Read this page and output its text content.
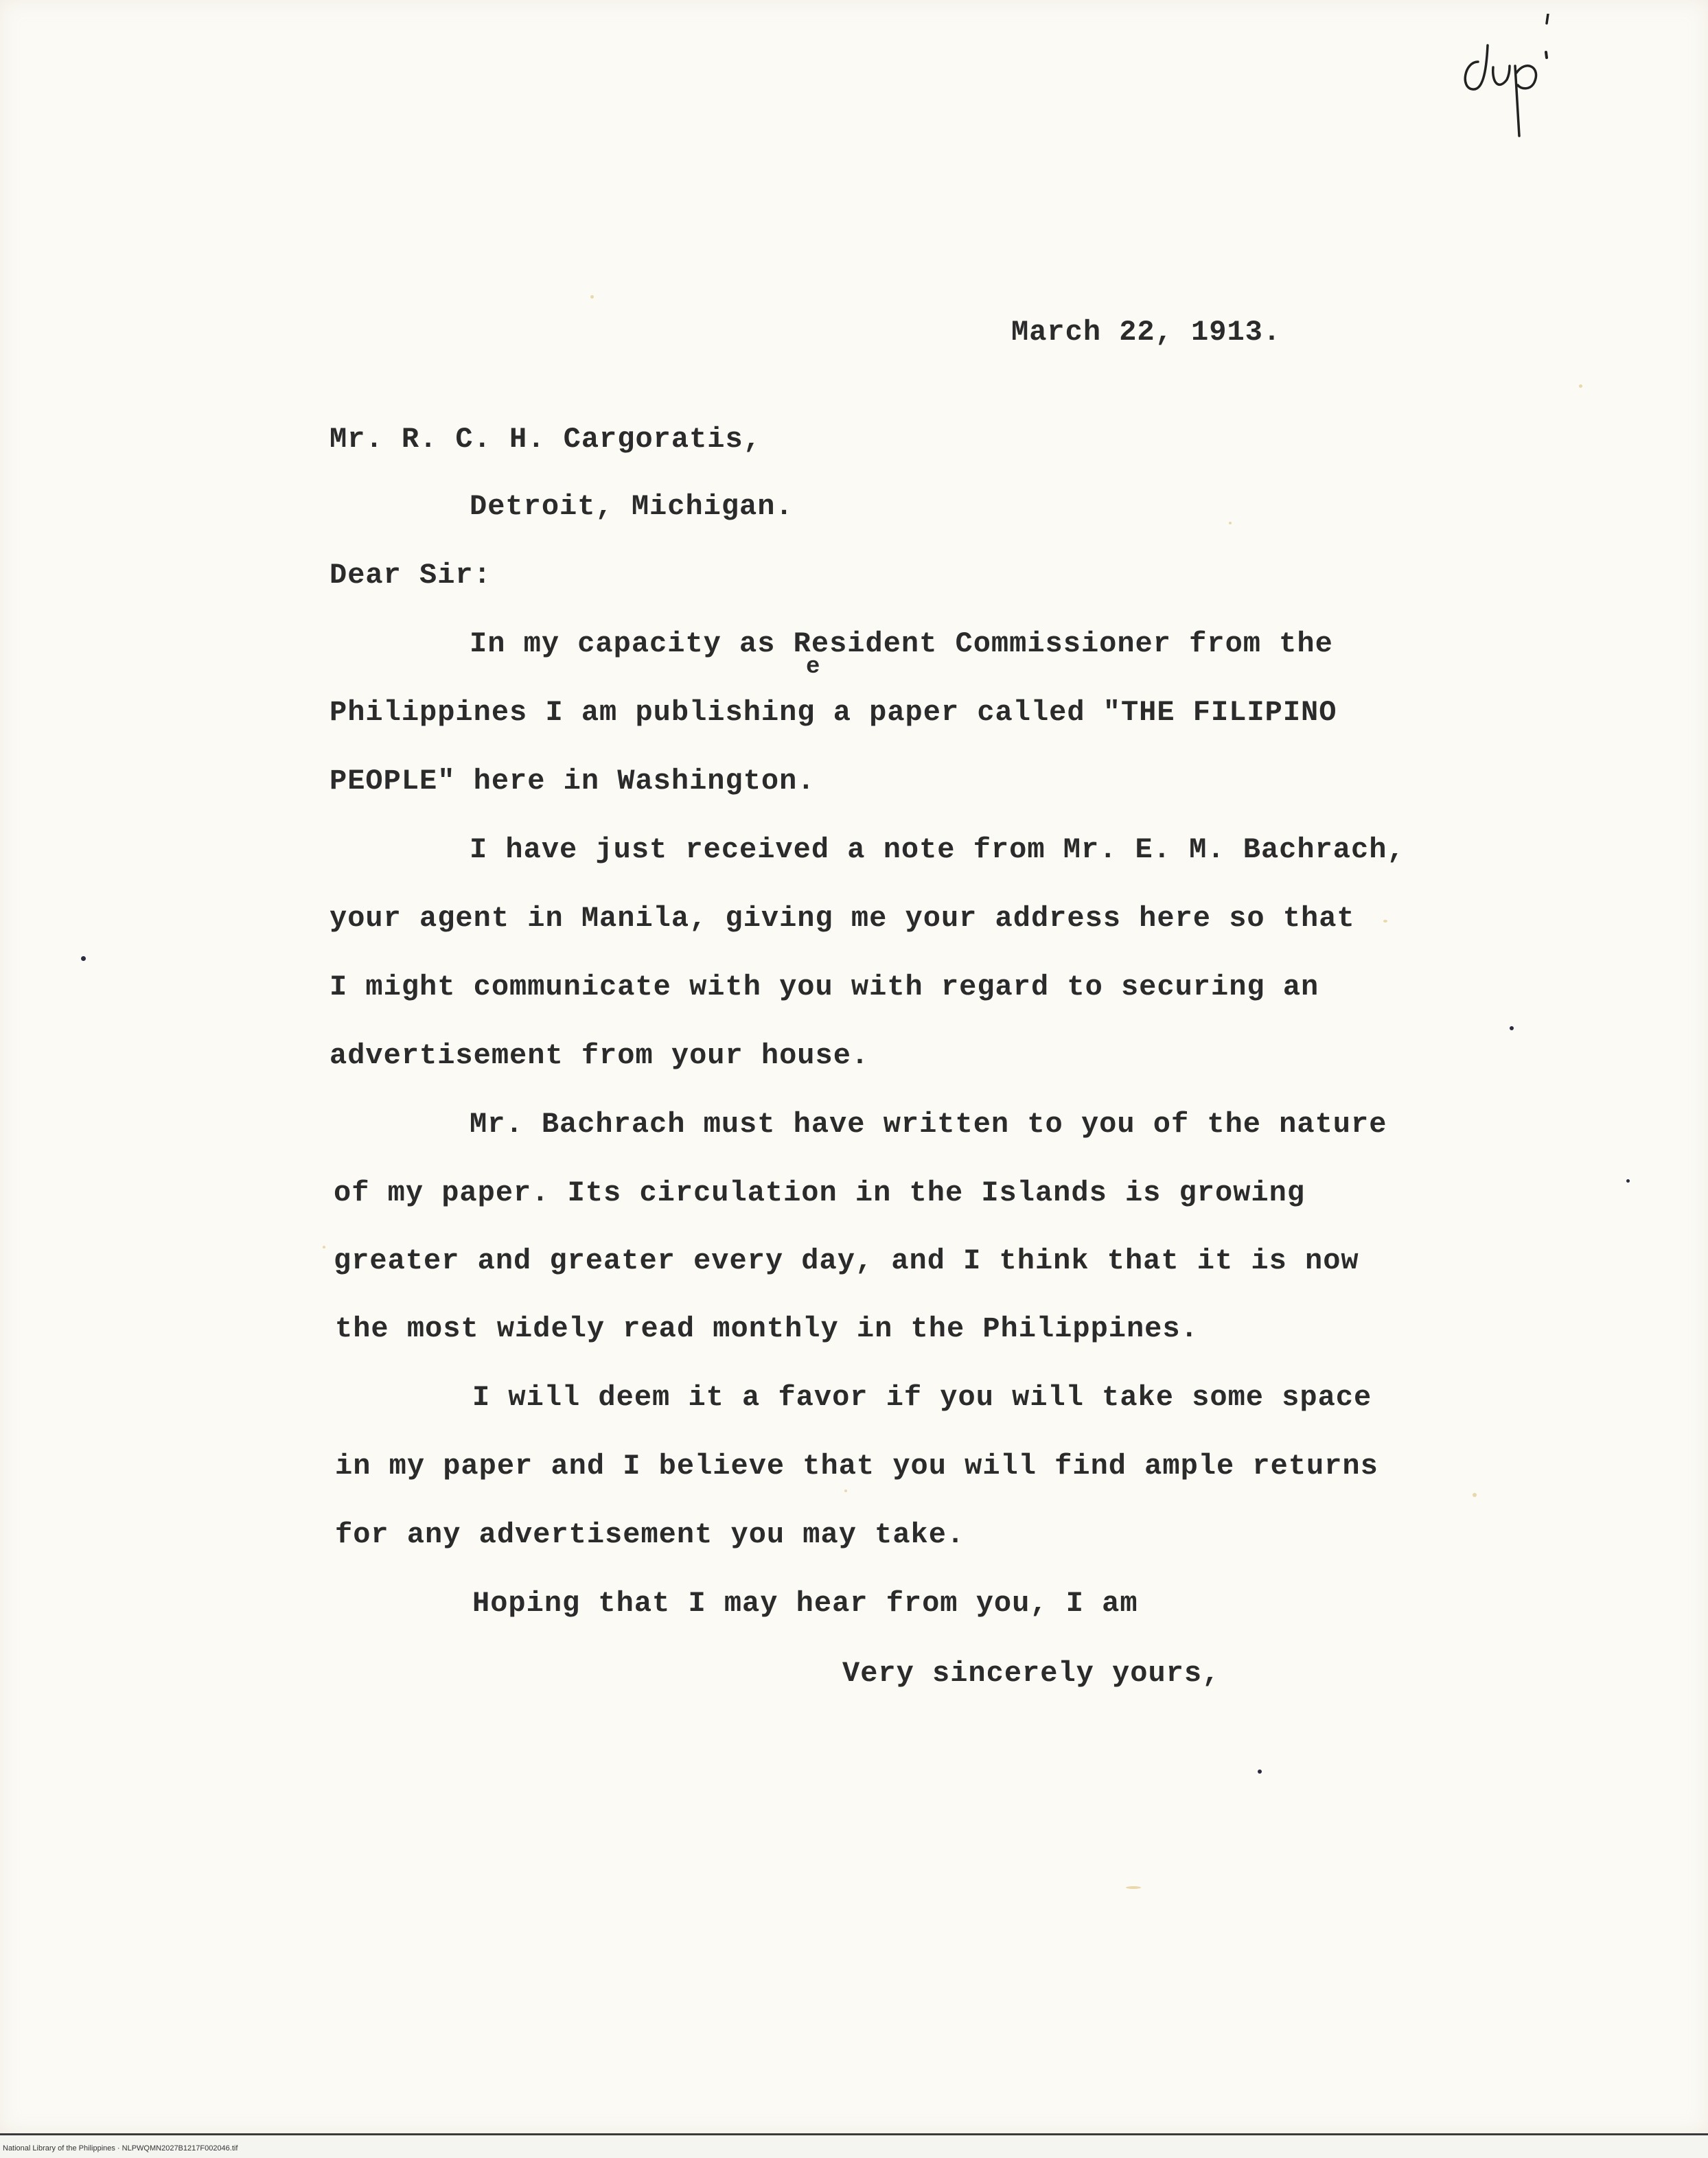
March 22, 1913.
Mr. R. C. H. Cargoratis,
Detroit, Michigan.
Dear Sir:
In my capacity as Resident Commissioner from the
e
Philippines I am publishing a paper called "THE FILIPINO
PEOPLE" here in Washington.
I have just received a note from Mr. E. M. Bachrach,
your agent in Manila, giving me your address here so that
I might communicate with you with regard to securing an
advertisement from your house.
Mr. Bachrach must have written to you of the nature
of my paper. Its circulation in the Islands is growing
greater and greater every day, and I think that it is now
the most widely read monthly in the Philippines.
I will deem it a favor if you will take some space
in my paper and I believe that you will find ample returns
for any advertisement you may take.
Hoping that I may hear from you, I am
Very sincerely yours,
National Library of the Philippines · NLPWQMN2027B1217F002046.tif
